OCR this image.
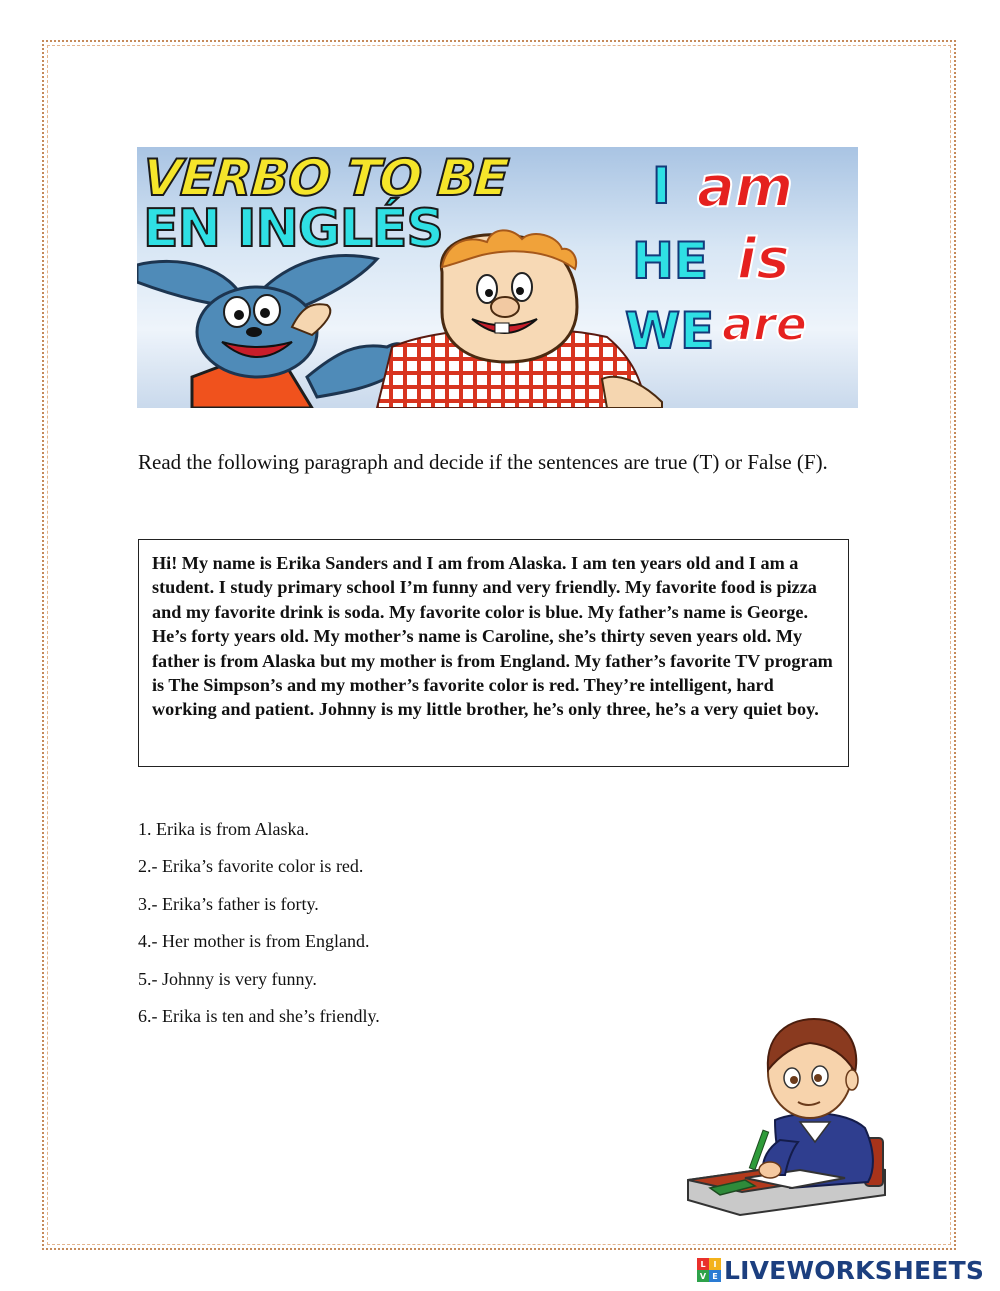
VERBO TO BE
EN INGLÉS
I am
HE is
WE are
Read the following paragraph and decide if the sentences are true (T) or False (F).

Hi! My name is Erika Sanders and I am from Alaska. I am ten years old and I am a student. I study primary school I’m funny and very friendly. My favorite food is pizza and my favorite drink is soda. My favorite color is blue. My father’s name is George. He’s forty years old. My mother’s name is Caroline, she’s thirty seven years old. My father is from Alaska but my mother is from England. My father’s favorite TV program is The Simpson’s and my mother’s favorite color is red. They’re intelligent, hard working and patient. Johnny is my little brother, he’s only three, he’s a very quiet boy.

1. Erika is from Alaska.
2.- Erika’s favorite color is red.
3.- Erika’s father is forty.
4.- Her mother is from England.
5.- Johnny is very funny.
6.- Erika is ten and she’s friendly.
L I
V E LIVEWORKSHEETS
